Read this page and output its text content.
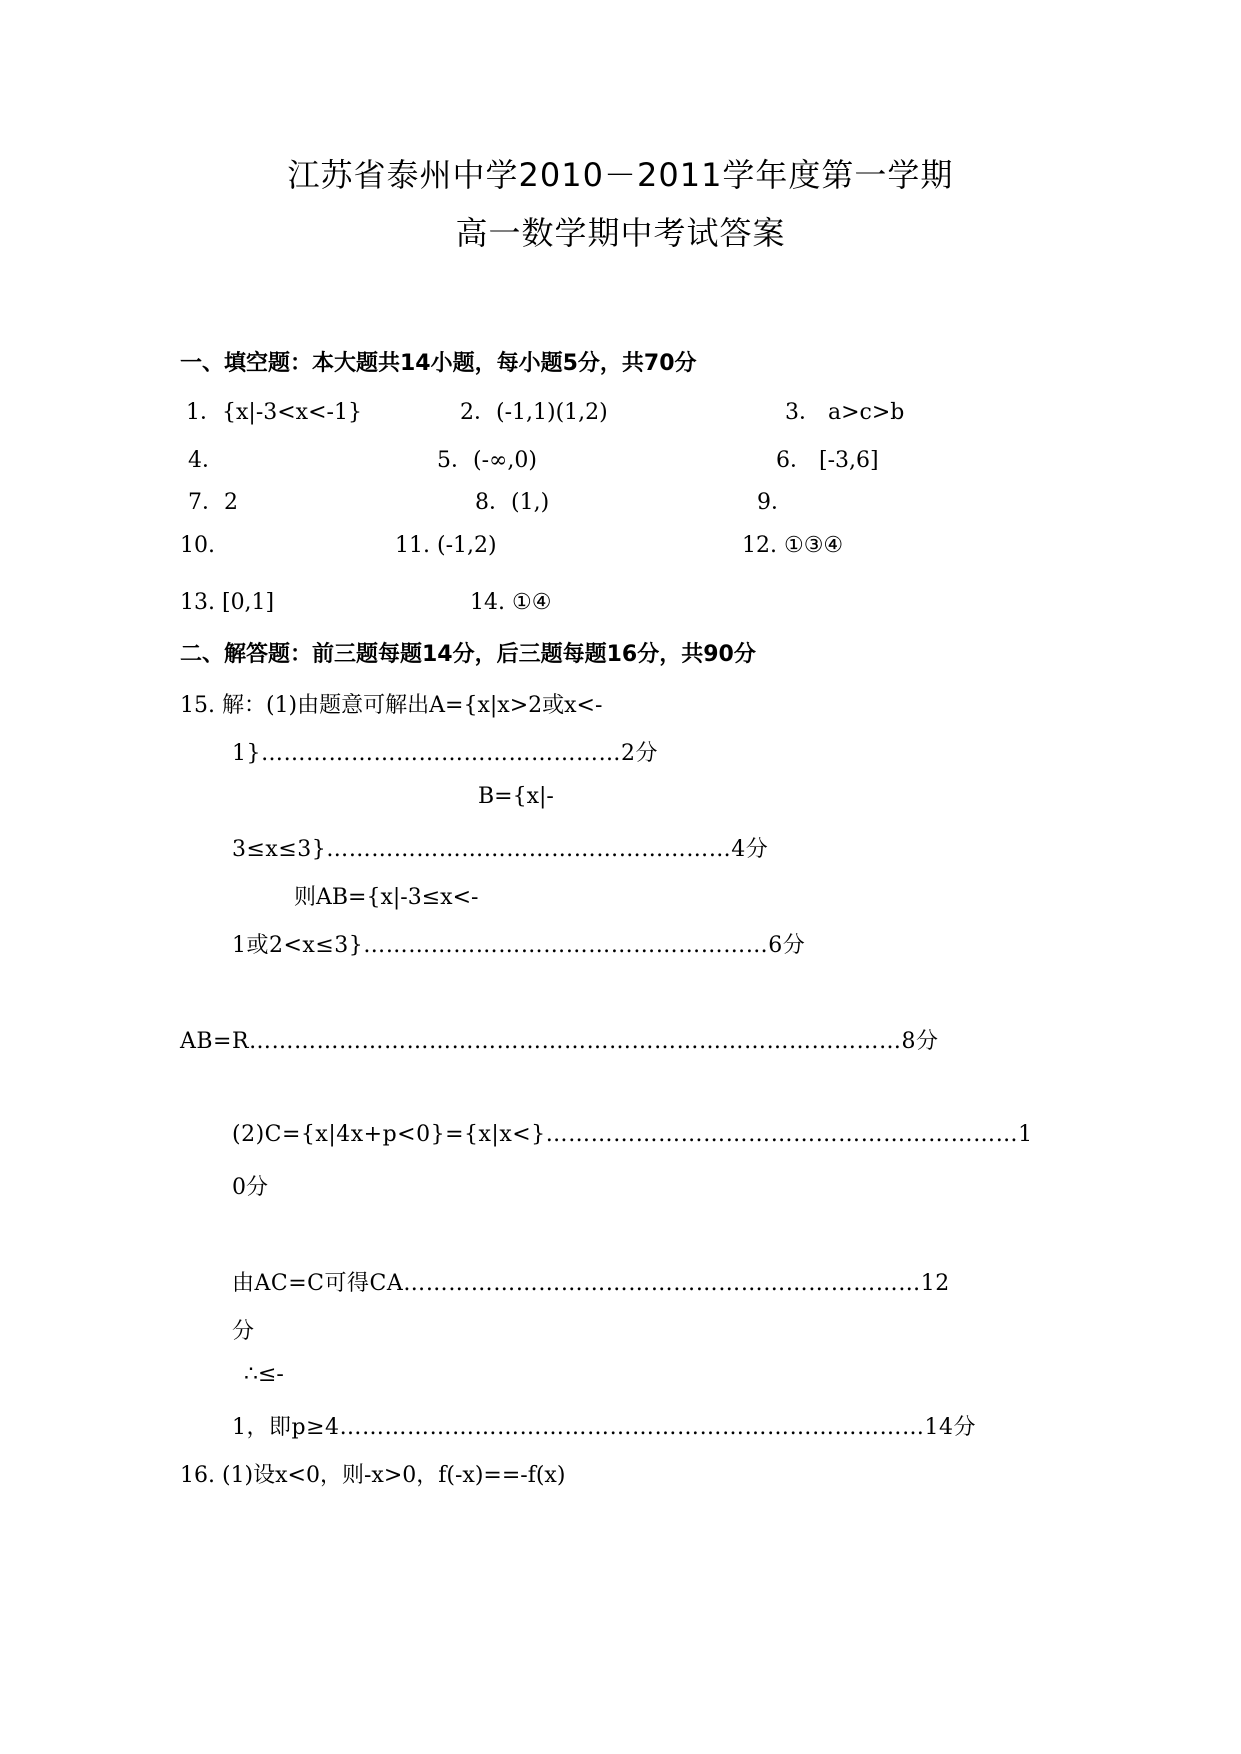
江苏省泰州中学2010－2011学年度第一学期
高一数学期中考试答案
一、填空题：本大题共14小题，每小题5分，共70分
1．{x|-3<x<-1}	2．(-1,1)(1,2)	3． a>c>b
4．	5．(-∞,0)	6． [-3,6]
7．2	8．(1,)	9．
10.	11. (-1,2)	12. ①③④
13. [0,1]	14. ①④
二、解答题：前三题每题14分，后三题每题16分，共90分
15. 解：(1)由题意可解出A={x|x>2或x<-
1}…………………………………………2分
B={x|-
3≤x≤3}………………………………………………4分
则AB={x|-3≤x<-
1或2<x≤3}………………………………………………6分
AB=R……………………………………………………………………………8分
(2)C={x|4x+p<0}={x|x<}………………………………………………………1
0分
由AC=C可得CA……………………………………………………………12
分
∴≤-
1，即p≥4……………………………………………………………………14分
16. (1)设x<0，则-x>0，f(-x)==-f(x)
